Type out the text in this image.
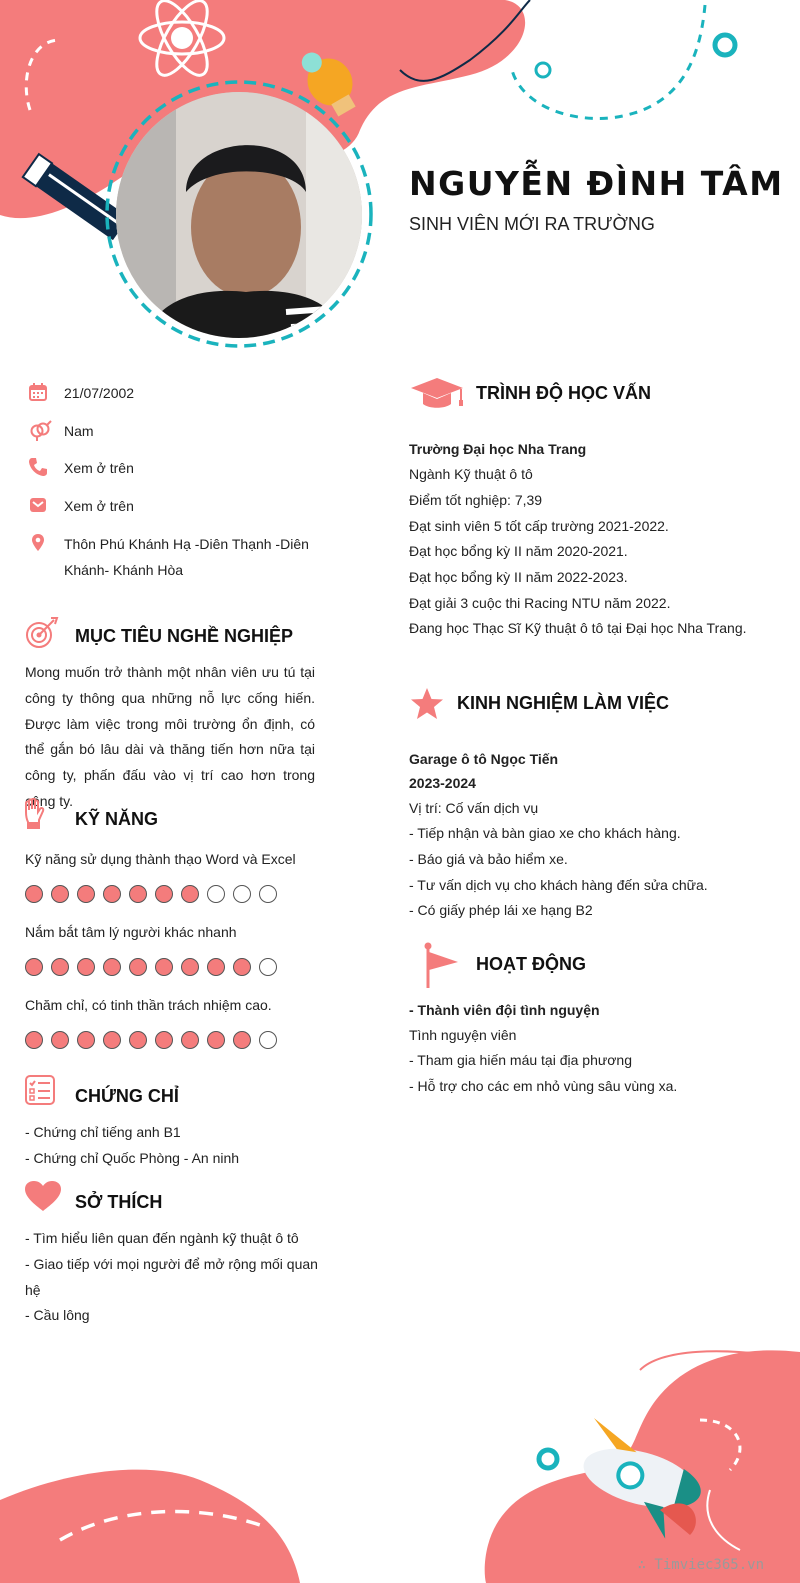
NGUYỄN ĐÌNH TÂM
SINH VIÊN MỚI RA TRƯỜNG
21/07/2002
Nam
Xem ở trên
Xem ở trên
Thôn Phú Khánh Hạ -Diên Thạnh -Diên Khánh- Khánh Hòa
MỤC TIÊU NGHỀ NGHIỆP
Mong muốn trở thành một nhân viên ưu tú tại công ty thông qua những nỗ lực cống hiến. Được làm việc trong môi trường ổn định, có thể gắn bó lâu dài và thăng tiến hơn nữa tại công ty, phấn đấu vào vị trí cao hơn trong công ty.
KỸ NĂNG
Kỹ năng sử dụng thành thạo Word và Excel
Nắm bắt tâm lý người khác nhanh
Chăm chỉ, có tinh thần trách nhiệm cao.
CHỨNG CHỈ
- Chứng chỉ tiếng anh B1
- Chứng chỉ Quốc Phòng - An ninh
SỞ THÍCH
- Tìm hiểu liên quan đến ngành kỹ thuật ô tô
- Giao tiếp với mọi người để mở rộng mối quan hệ
- Cầu lông
TRÌNH ĐỘ HỌC VẤN
Trường Đại học Nha Trang
Ngành Kỹ thuật ô tô
Điểm tốt nghiệp: 7,39
Đạt sinh viên 5 tốt cấp trường 2021-2022.
Đạt học bổng kỳ II năm 2020-2021.
Đạt học bổng kỳ II năm 2022-2023.
Đạt giải 3 cuộc thi Racing NTU năm 2022.
Đang học Thạc Sĩ Kỹ thuật ô tô tại Đại học Nha Trang.
KINH NGHIỆM LÀM VIỆC
Garage ô tô Ngọc Tiến
2023-2024
Vị trí: Cố vấn dịch vụ
- Tiếp nhận và bàn giao xe cho khách hàng.
- Báo giá và bảo hiểm xe.
- Tư vấn dịch vụ cho khách hàng đến sửa chữa.
- Có giấy phép lái xe hạng B2
HOẠT ĐỘNG
- Thành viên đội tình nguyện
Tình nguyện viên
- Tham gia hiến máu tại địa phương
- Hỗ trợ cho các em nhỏ vùng sâu vùng xa.
∴ Timviec365.vn
